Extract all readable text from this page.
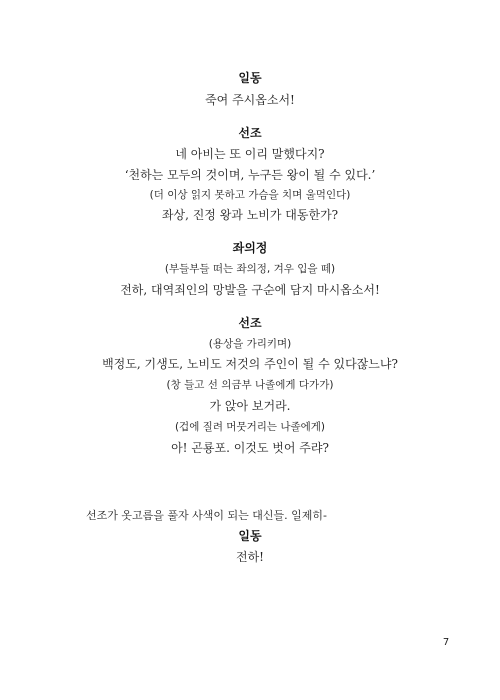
일동
죽여 주시옵소서!
선조
네 아비는 또 이리 말했다지?
‘천하는 모두의 것이며, 누구든 왕이 될 수 있다.’
(더 이상 읽지 못하고 가슴을 치며 울먹인다)
좌상, 진정 왕과 노비가 대동한가?
좌의정
(부들부들 떠는 좌의정, 겨우 입을 떼)
전하, 대역죄인의 망발을 구순에 담지 마시옵소서!
선조
(용상을 가리키며)
백정도, 기생도, 노비도 저것의 주인이 될 수 있다잖느냐?
(창 들고 선 의금부 나졸에게 다가가)
가 앉아 보거라.
(겁에 질려 머뭇거리는 나졸에게)
아! 곤룡포. 이것도 벗어 주랴?
선조가 옷고름을 풀자 사색이 되는 대신들. 일제히-
일동
전하!
7
